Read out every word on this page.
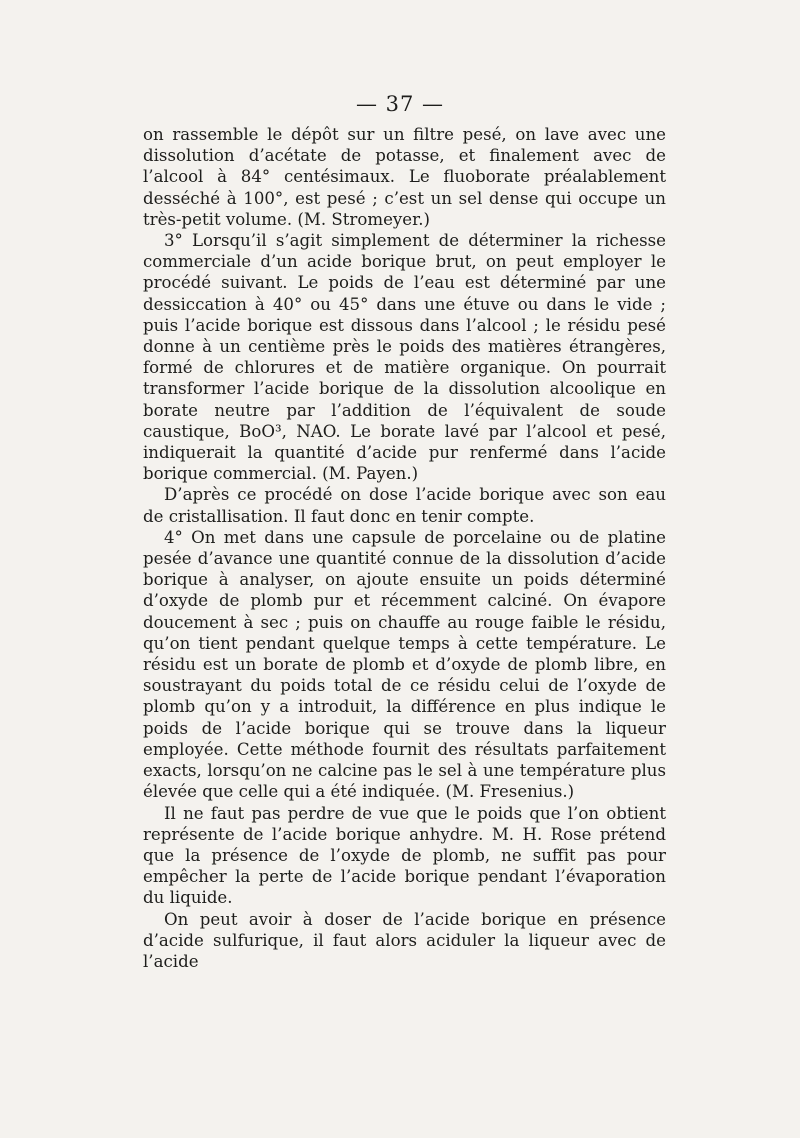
— 37 —

on rassemble le dépôt sur un filtre pesé, on lave avec une dissolution d’acétate de potasse, et finalement avec de l’alcool à 84° centésimaux. Le fluoborate préalablement desséché à 100°, est pesé ; c’est un sel dense qui occupe un très-petit volume. (M. Stromeyer.)

3° Lorsqu’il s’agit simplement de déterminer la richesse commerciale d’un acide borique brut, on peut employer le procédé suivant. Le poids de l’eau est déterminé par une dessiccation à 40° ou 45° dans une étuve ou dans le vide ; puis l’acide borique est dissous dans l’alcool ; le résidu pesé donne à un centième près le poids des matières étrangères, formé de chlorures et de matière organique. On pourrait transformer l’acide borique de la dissolution alcoolique en borate neutre par l’addition de l’équivalent de soude caustique, BoO³, NAO. Le borate lavé par l’alcool et pesé, indiquerait la quantité d’acide pur renfermé dans l’acide borique commercial. (M. Payen.)

D’après ce procédé on dose l’acide borique avec son eau de cristallisation. Il faut donc en tenir compte.

4° On met dans une capsule de porcelaine ou de platine pesée d’avance une quantité connue de la dissolution d’acide borique à analyser, on ajoute ensuite un poids déterminé d’oxyde de plomb pur et récemment calciné. On évapore doucement à sec ; puis on chauffe au rouge faible le résidu, qu’on tient pendant quelque temps à cette température. Le résidu est un borate de plomb et d’oxyde de plomb libre, en soustrayant du poids total de ce résidu celui de l’oxyde de plomb qu’on y a introduit, la différence en plus indique le poids de l’acide borique qui se trouve dans la liqueur employée. Cette méthode fournit des résultats parfaitement exacts, lorsqu’on ne calcine pas le sel à une température plus élevée que celle qui a été indiquée. (M. Fresenius.)

Il ne faut pas perdre de vue que le poids que l’on obtient représente de l’acide borique anhydre. M. H. Rose prétend que la présence de l’oxyde de plomb, ne suffit pas pour empêcher la perte de l’acide borique pendant l’évaporation du liquide.

On peut avoir à doser de l’acide borique en présence d’acide sulfurique, il faut alors aciduler la liqueur avec de l’acide
